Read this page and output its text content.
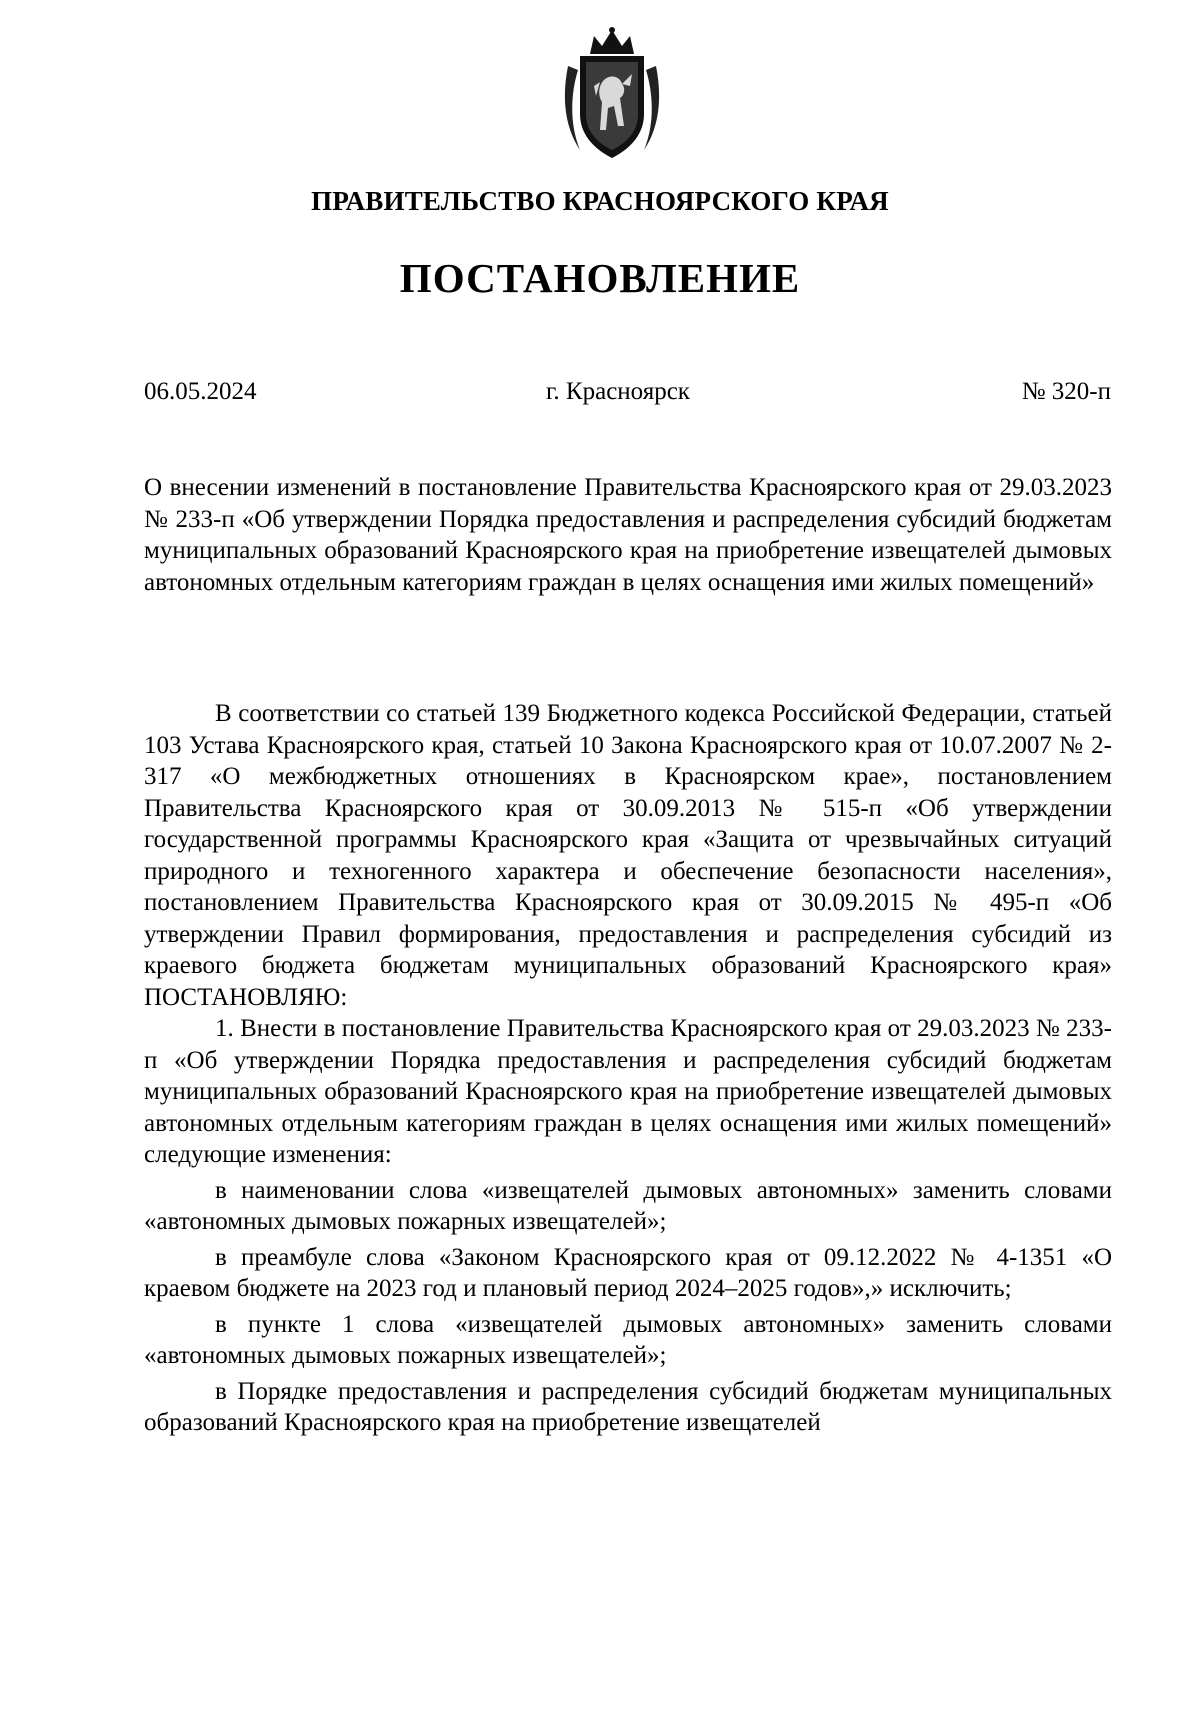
ПРАВИТЕЛЬСТВО КРАСНОЯРСКОГО КРАЯ
ПОСТАНОВЛЕНИЕ
06.05.2024	г. Красноярск	№ 320-п
О внесении изменений в постановление Правительства Красноярского края от 29.03.2023 № 233-п «Об утверждении Порядка предоставления и распределения субсидий бюджетам муниципальных образований Красноярского края на приобретение извещателей дымовых автономных отдельным категориям граждан в целях оснащения ими жилых помещений»

В соответствии со статьей 139 Бюджетного кодекса Российской Федерации, статьей 103 Устава Красноярского края, статьей 10 Закона Красноярского края от 10.07.2007 № 2-317 «О межбюджетных отношениях в Красноярском крае», постановлением Правительства Красноярского края от 30.09.2013 № 515-п «Об утверждении государственной программы Красноярского края «Защита от чрезвычайных ситуаций природного и техногенного характера и обеспечение безопасности населения», постановлением Правительства Красноярского края от 30.09.2015 № 495-п «Об утверждении Правил формирования, предоставления и распределения субсидий из краевого бюджета бюджетам муниципальных образований Красноярского края» ПОСТАНОВЛЯЮ:

1. Внести в постановление Правительства Красноярского края от 29.03.2023 № 233-п «Об утверждении Порядка предоставления и распределения субсидий бюджетам муниципальных образований Красноярского края на приобретение извещателей дымовых автономных отдельным категориям граждан в целях оснащения ими жилых помещений» следующие изменения:

в наименовании слова «извещателей дымовых автономных» заменить словами «автономных дымовых пожарных извещателей»;

в преамбуле слова «Законом Красноярского края от 09.12.2022 № 4-1351 «О краевом бюджете на 2023 год и плановый период 2024–2025 годов»,» исключить;

в пункте 1 слова «извещателей дымовых автономных» заменить словами «автономных дымовых пожарных извещателей»;

в Порядке предоставления и распределения субсидий бюджетам муниципальных образований Красноярского края на приобретение извещателей
